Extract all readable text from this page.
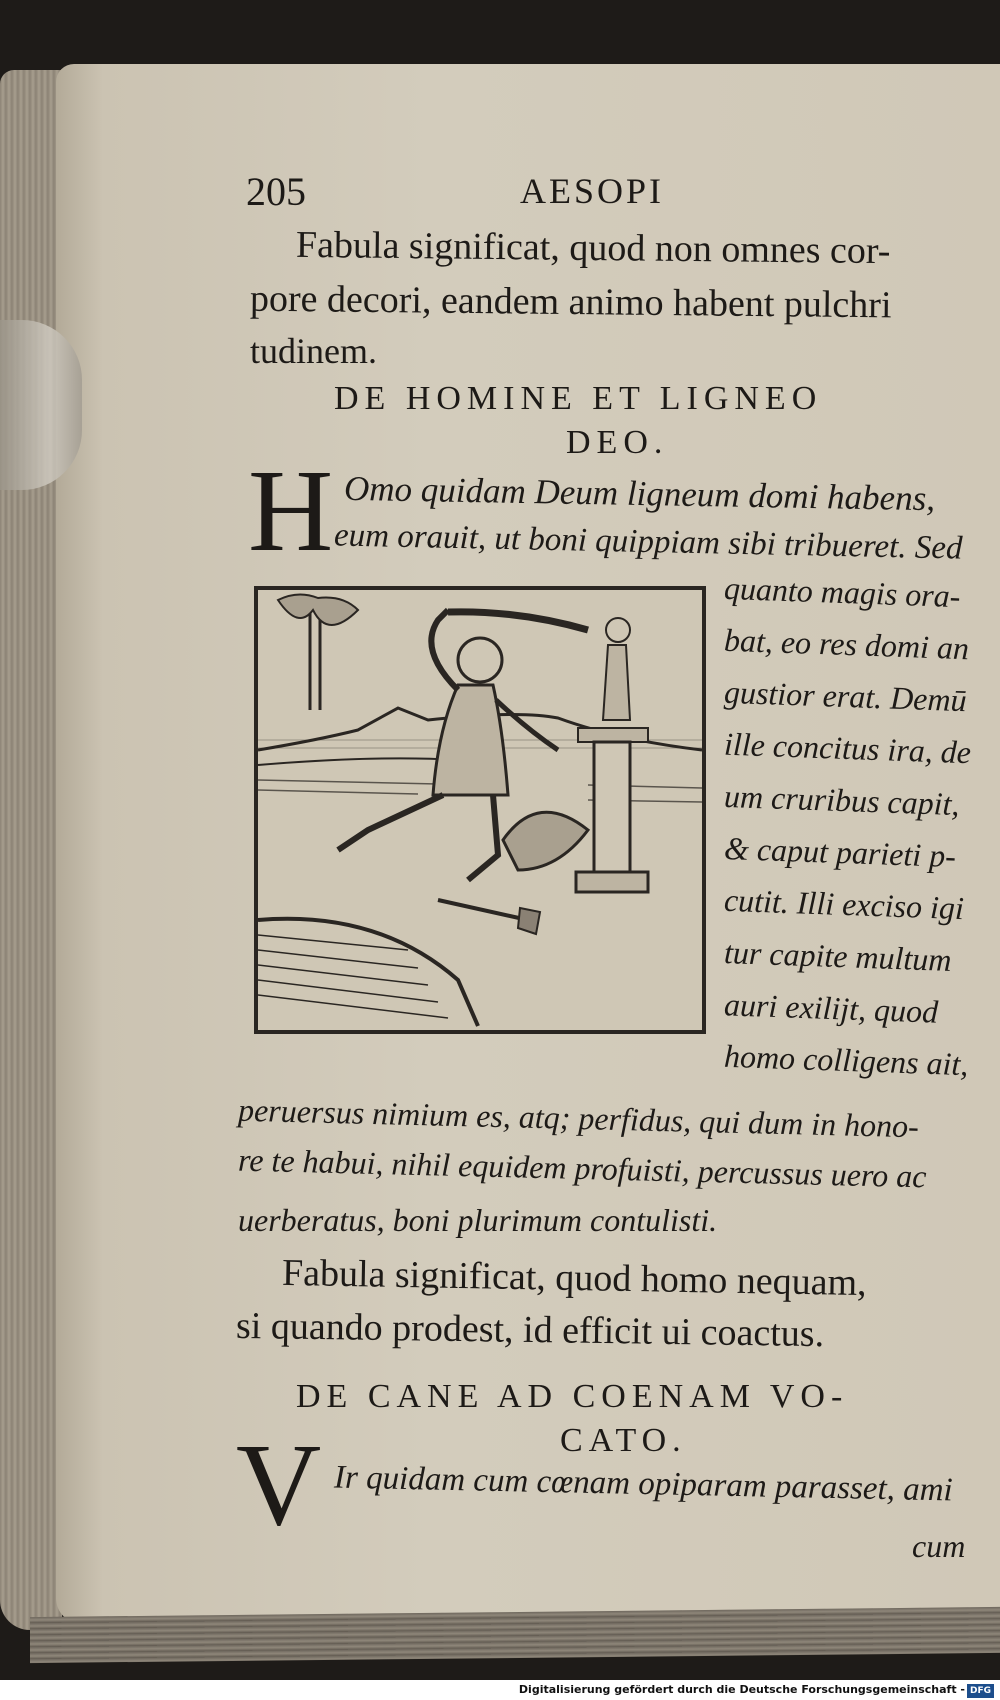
205	AESOPI
Fabula significat, quod non omnes cor-
pore decori, eandem animo habent pulchri
tudinem.
DE HOMINE ET LIGNEO
DEO.
H Omo quidam Deum ligneum domi habens,
eum orauit, ut boni quippiam sibi tribueret. Sed
quanto magis ora-
bat, eo res domi an
gustior erat. Demū
ille concitus ira, de
um cruribus capit,
& caput parieti p-
cutit. Illi exciso igi
tur capite multum
auri exilijt, quod
homo colligens ait,
peruersus nimium es, atq; perfidus, qui dum in hono-
re te habui, nihil equidem profuisti, percussus uero ac
uerberatus, boni plurimum contulisti.
Fabula significat, quod homo nequam,
si quando prodest, id efficit ui coactus.
DE CANE AD COENAM VO-
CATO.
V Ir quidam cum cœnam opiparam parasset, ami
cum
Digitalisierung gefördert durch die Deutsche Forschungsgemeinschaft - DFG
